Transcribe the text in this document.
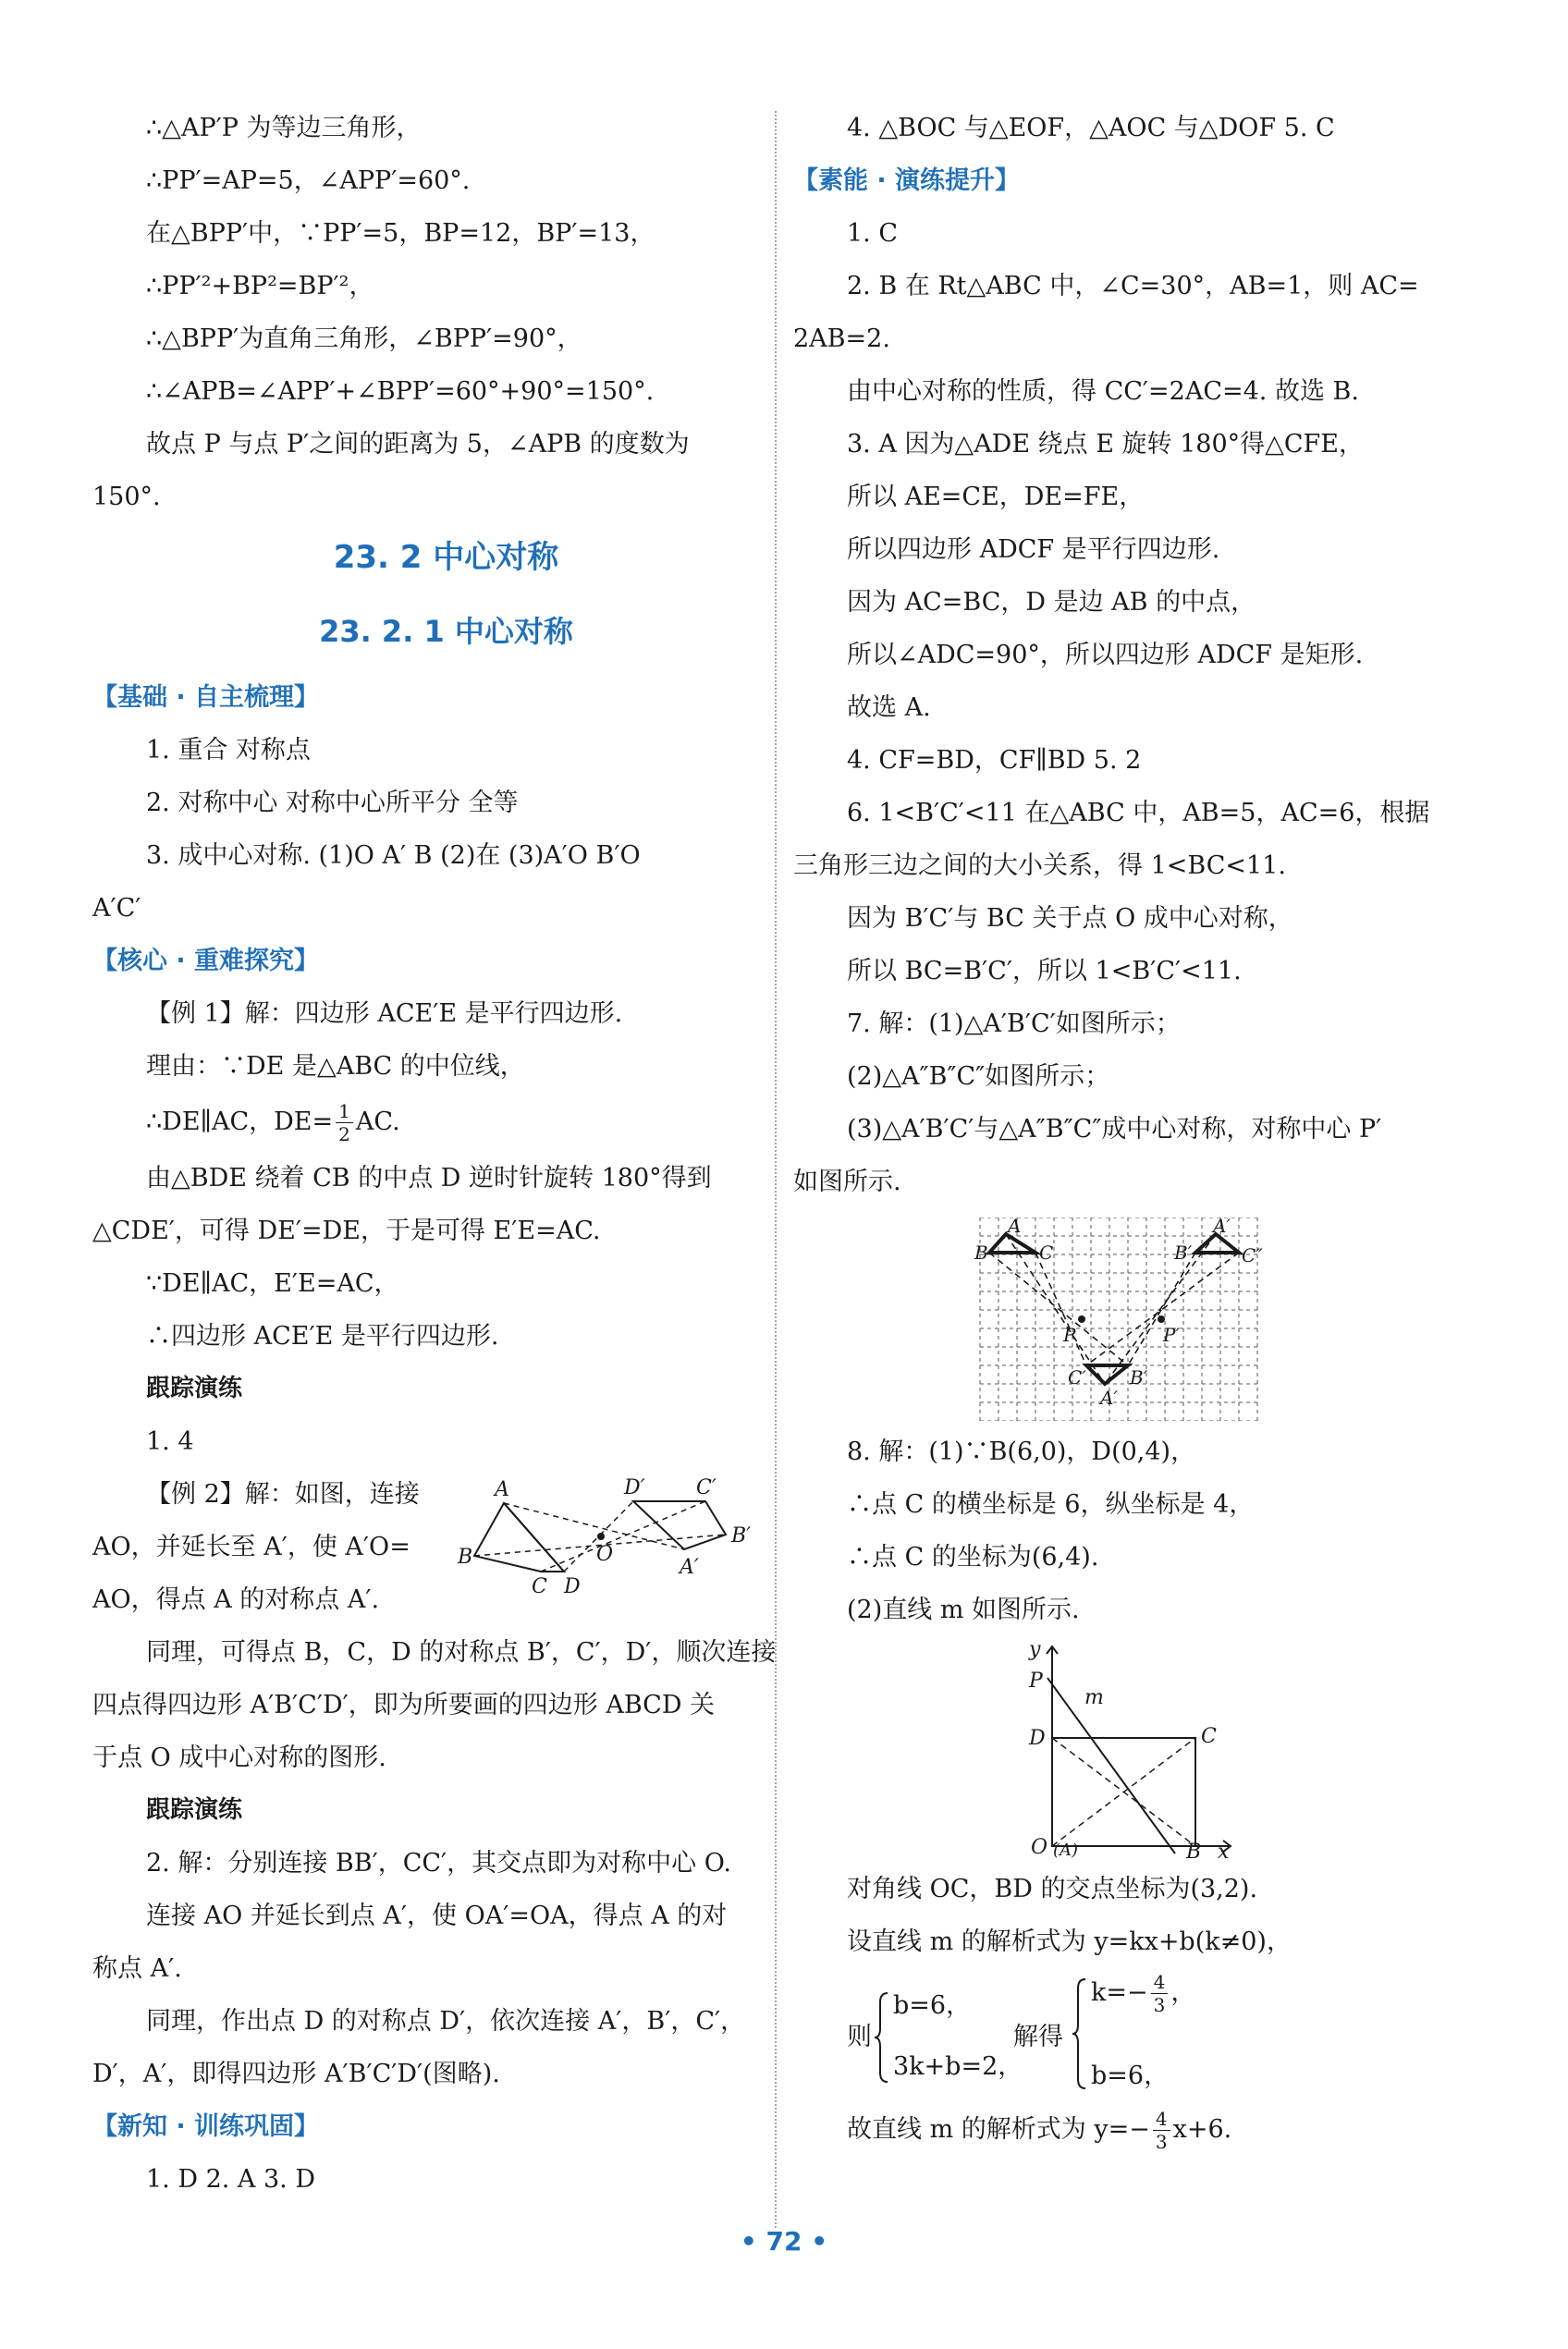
∴△AP′P 为等边三角形，
∴PP′=AP=5，∠APP′=60°.
在△BPP′中，∵PP′=5，BP=12，BP′=13，
∴PP′²+BP²=BP′²，
∴△BPP′为直角三角形，∠BPP′=90°，
∴∠APB=∠APP′+∠BPP′=60°+90°=150°.
故点 P 与点 P′之间的距离为 5，∠APB 的度数为
150°.
23. 2 中心对称
23. 2. 1 中心对称
【基础 · 自主梳理】
1. 重合 对称点
2. 对称中心 对称中心所平分 全等
3. 成中心对称. (1)O A′ B (2)在 (3)A′O B′O
A′C′
【核心 · 重难探究】
【例 1】解：四边形 ACE′E 是平行四边形.
理由：∵DE 是△ABC 的中位线，
∴DE∥AC，$DE= \frac{1}{2}$ AC.
由△BDE 绕着 CB 的中点 D 逆时针旋转 180°得到
△CDE′，可得 DE′=DE，于是可得 E′E=AC.
∵DE∥AC，E′E=AC，
∴四边形 ACE′E 是平行四边形.
跟踪演练
1. 4
【例 2】解：如图，连接
AO，并延长至 A′，使 A′O=
AO，得点 A 的对称点 A′.
A
B
C D
O
D′	C′
B′
A′
同理，可得点 B，C，D 的对称点 B′，C′，D′，顺次连接
四点得四边形 A′B′C′D′，即为所要画的四边形 ABCD 关
于点 O 成中心对称的图形.
跟踪演练
2. 解：分别连接 BB′，CC′，其交点即为对称中心 O.
连接 AO 并延长到点 A′，使 OA′=OA，得点 A 的对
称点 A′.
同理，作出点 D 的对称点 D′，依次连接 A′，B′，C′，
D′，A′，即得四边形 A′B′C′D′(图略).
【新知 · 训练巩固】
1. D 2. A 3. D
4. △BOC 与△EOF，△AOC 与△DOF 5. C
【素能 · 演练提升】
1. C
2. B 在 Rt△ABC 中，∠C=30°，AB=1，则 AC=
2AB=2.
由中心对称的性质，得 CC′=2AC=4. 故选 B.
3. A 因为△ADE 绕点 E 旋转 180°得△CFE，
所以 AE=CE，DE=FE，
所以四边形 ADCF 是平行四边形.
因为 AC=BC，D 是边 AB 的中点，
所以∠ADC=90°，所以四边形 ADCF 是矩形.
故选 A.
4. CF=BD，CF∥BD 5. 2
6. 1<B′C′<11 在△ABC 中，AB=5，AC=6，根据
三角形三边之间的大小关系，得 1<BC<11.
因为 B′C′与 BC 关于点 O 成中心对称，
所以 BC=B′C′，所以 1<B′C′<11.
7. 解：(1)△A′B′C′如图所示；
(2)△A″B″C″如图所示；
(3)△A′B′C′与△A″B″C″成中心对称，对称中心 P′
如图所示.
A
B	C
A′
B′	C″
P	P′
C′ B′
A′
8. 解：(1)∵B(6,0)，D(0,4)，
∴点 C 的横坐标是 6，纵坐标是 4，
∴点 C 的坐标为(6,4).
(2)直线 m 如图所示.
y
P
m
D	C
O (A)	B x
对角线 OC，BD 的交点坐标为(3,2).
设直线 m 的解析式为 y=kx+b(k≠0)，
则
b=6，
3k+b=2，
解得
$k=- \frac{4}{3}$ ，
b=6，
故直线 m 的解析式为 $y=- \frac{4}{3} x+6$.
• 72 •
